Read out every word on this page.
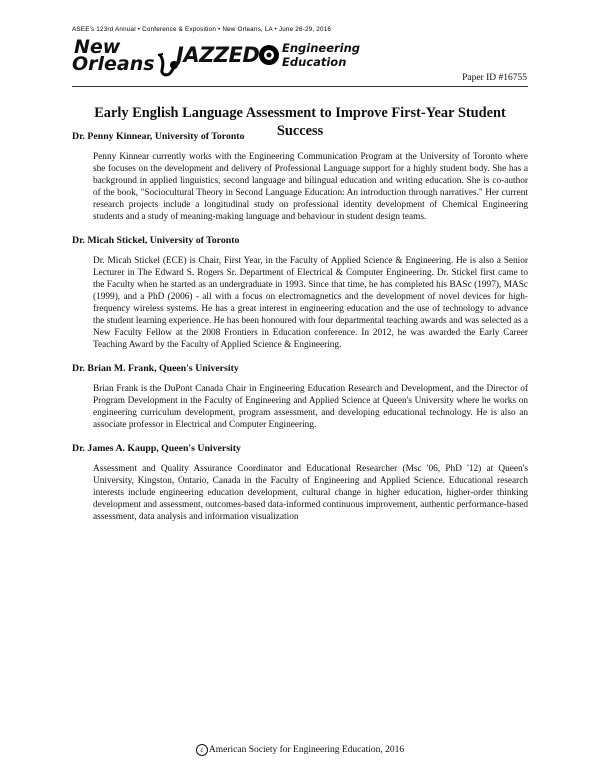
ASEE's 123rd Annual • Conference & Exposition • New Orleans, LA • June 26-29, 2016
New
Orleans JAZZED Engineering
Education
Paper ID #16755
Early English Language Assessment to Improve First-Year Student Success
Dr. Penny Kinnear, University of Toronto

Penny Kinnear currently works with the Engineering Communication Program at the University of Toronto where she focuses on the development and delivery of Professional Language support for a highly student body. She has a background in applied linguistics, second language and bilingual education and writing education. She is co-author of the book, "Sociocultural Theory in Second Language Education: An introduction through narratives." Her current research projects include a longitudinal study on professional identity development of Chemical Engineering students and a study of meaning-making language and behaviour in student design teams.

Dr. Micah Stickel, University of Toronto

Dr. Micah Stickel (ECE) is Chair, First Year, in the Faculty of Applied Science & Engineering. He is also a Senior Lecturer in The Edward S. Rogers Sr. Department of Electrical & Computer Engineering. Dr. Stickel first came to the Faculty when he started as an undergraduate in 1993. Since that time, he has completed his BASc (1997), MASc (1999), and a PhD (2006) - all with a focus on electromagnetics and the development of novel devices for high-frequency wireless systems. He has a great interest in engineering education and the use of technology to advance the student learning experience. He has been honoured with four departmental teaching awards and was selected as a New Faculty Fellow at the 2008 Frontiers in Education conference. In 2012, he was awarded the Early Career Teaching Award by the Faculty of Applied Science & Engineering.

Dr. Brian M. Frank, Queen's University

Brian Frank is the DuPont Canada Chair in Engineering Education Research and Development, and the Director of Program Development in the Faculty of Engineering and Applied Science at Queen's University where he works on engineering curriculum development, program assessment, and developing educational technology. He is also an associate professor in Electrical and Computer Engineering.

Dr. James A. Kaupp, Queen's University

Assessment and Quality Assurance Coordinator and Educational Researcher (Msc '06, PhD '12) at Queen's University, Kingston, Ontario, Canada in the Faculty of Engineering and Applied Science. Educational research interests include engineering education development, cultural change in higher education, higher-order thinking development and assessment, outcomes-based data-informed continuous improvement, authentic performance-based assessment, data analysis and information visualization

c American Society for Engineering Education, 2016
